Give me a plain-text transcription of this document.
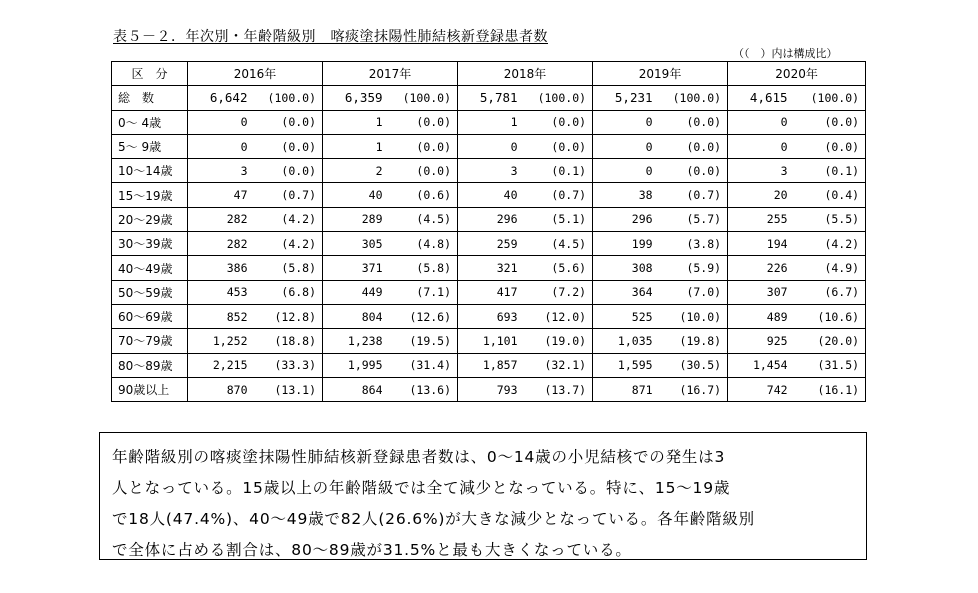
表５－２．年次別・年齢階級別　喀痰塗抹陽性肺結核新登録患者数
（（　）内は構成比）
区　分	2016年		2017年		2018年		2019年		2020年	
総　数	6,642	(100.0)	6,359	(100.0)	5,781	(100.0)	5,231	(100.0)	4,615	(100.0)
0～ 4歳	0	(0.0)	1	(0.0)	1	(0.0)	0	(0.0)	0	(0.0)
5～ 9歳	0	(0.0)	1	(0.0)	0	(0.0)	0	(0.0)	0	(0.0)
10～14歳	3	(0.0)	2	(0.0)	3	(0.1)	0	(0.0)	3	(0.1)
15～19歳	47	(0.7)	40	(0.6)	40	(0.7)	38	(0.7)	20	(0.4)
20～29歳	282	(4.2)	289	(4.5)	296	(5.1)	296	(5.7)	255	(5.5)
30～39歳	282	(4.2)	305	(4.8)	259	(4.5)	199	(3.8)	194	(4.2)
40～49歳	386	(5.8)	371	(5.8)	321	(5.6)	308	(5.9)	226	(4.9)
50～59歳	453	(6.8)	449	(7.1)	417	(7.2)	364	(7.0)	307	(6.7)
60～69歳	852	(12.8)	804	(12.6)	693	(12.0)	525	(10.0)	489	(10.6)
70～79歳	1,252	(18.8)	1,238	(19.5)	1,101	(19.0)	1,035	(19.8)	925	(20.0)
80～89歳	2,215	(33.3)	1,995	(31.4)	1,857	(32.1)	1,595	(30.5)	1,454	(31.5)
90歳以上	870	(13.1)	864	(13.6)	793	(13.7)	871	(16.7)	742	(16.1)
年齢階級別の喀痰塗抹陽性肺結核新登録患者数は、0～14歳の小児結核での発生は3
人となっている。15歳以上の年齢階級では全て減少となっている。特に、15～19歳
で18人(47.4%)、40～49歳で82人(26.6%)が大きな減少となっている。各年齢階級別
で全体に占める割合は、80～89歳が31.5%と最も大きくなっている。
